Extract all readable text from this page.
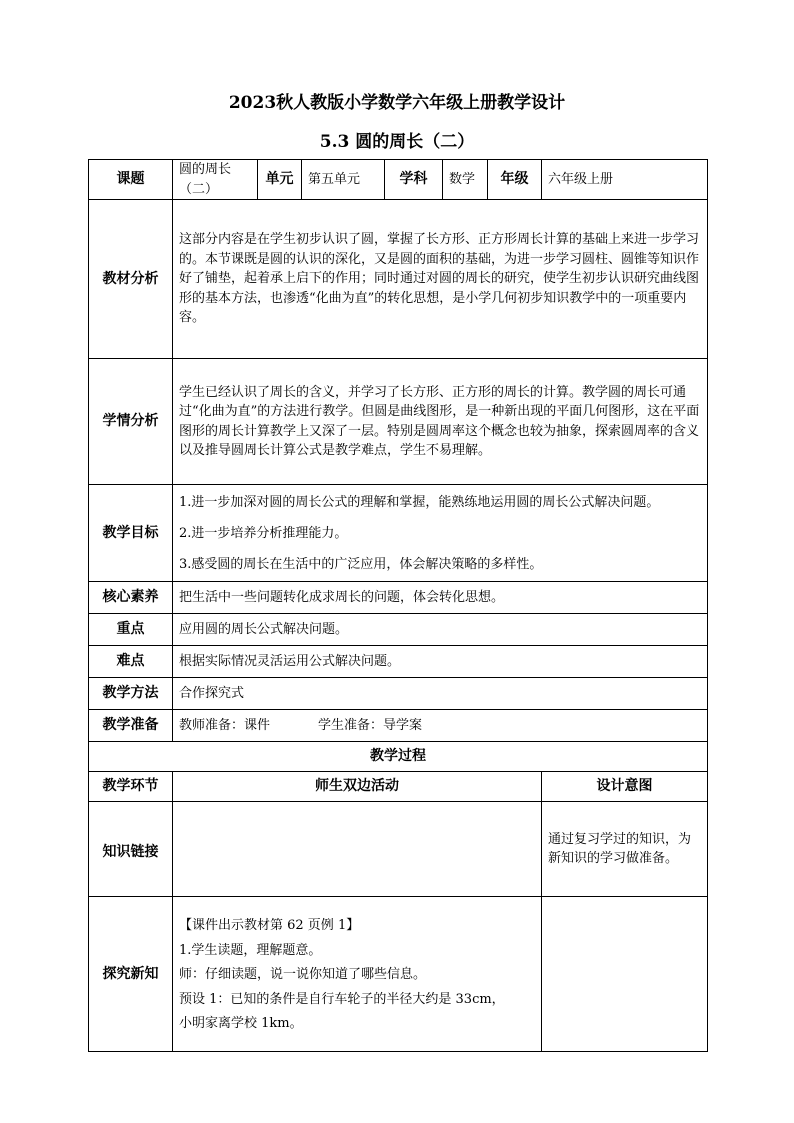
2023秋人教版小学数学六年级上册教学设计
5.3 圆的周长（二）
课题	圆的周长（二）	单元	第五单元	学科	数学	年级	六年级上册
教材分析	这部分内容是在学生初步认识了圆，掌握了长方形、正方形周长计算的基础上来进一步学习的。本节课既是圆的认识的深化，又是圆的面积的基础，为进一步学习圆柱、圆锥等知识作好了铺垫，起着承上启下的作用；同时通过对圆的周长的研究，使学生初步认识研究曲线图形的基本方法，也渗透“化曲为直”的转化思想，是小学几何初步知识教学中的一项重要内容。						
学情分析	学生已经认识了周长的含义，并学习了长方形、正方形的周长的计算。教学圆的周长可通过“化曲为直”的方法进行教学。但圆是曲线图形，是一种新出现的平面几何图形，这在平面图形的周长计算教学上又深了一层。特别是圆周率这个概念也较为抽象，探索圆周率的含义以及推导圆周长计算公式是教学难点，学生不易理解。						
教学目标	1.进一步加深对圆的周长公式的理解和掌握，能熟练地运用圆的周长公式解决问题。
2.进一步培养分析推理能力。
3.感受圆的周长在生活中的广泛应用，体会解决策略的多样性。						

核心素养	把生活中一些问题转化成求周长的问题，体会转化思想。						
重点	应用圆的周长公式解决问题。						
难点	根据实际情况灵活运用公式解决问题。						
教学方法	合作探究式						
教学准备	教师准备：课件 学生准备：导学案						
教学过程							
教学环节	师生双边活动						设计意图
知识链接							通过复习学过的知识，为新知识的学习做准备。
探究新知	【课件出示教材第 62 页例 1】
1.学生读题，理解题意。
师：仔细读题，说一说你知道了哪些信息。
预设 1：已知的条件是自行车轮子的半径大约是 33cm，
小明家离学校 1km。						
